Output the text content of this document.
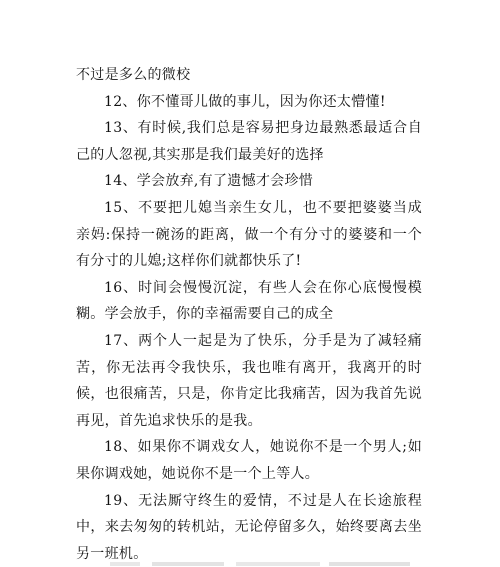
不过是多么的微校

12、你不懂哥儿做的事儿，因为你还太懵懂!

13、有时候,我们总是容易把身边最熟悉最适合自己的人忽视,其实那是我们最美好的选择

14、学会放弃,有了遗憾才会珍惜

15、不要把儿媳当亲生女儿，也不要把婆婆当成亲妈:保持一碗汤的距离，做一个有分寸的婆婆和一个有分寸的儿媳;这样你们就都快乐了!

16、时间会慢慢沉淀，有些人会在你心底慢慢模糊。学会放手，你的幸福需要自己的成全

17、两个人一起是为了快乐，分手是为了减轻痛苦，你无法再令我快乐，我也唯有离开，我离开的时候，也很痛苦，只是，你肯定比我痛苦，因为我首先说再见，首先追求快乐的是我。

18、如果你不调戏女人，她说你不是一个男人;如果你调戏她，她说你不是一个上等人。

19、无法厮守终生的爱情，不过是人在长途旅程中，来去匆匆的转机站，无论停留多久，始终要离去坐另一班机。
